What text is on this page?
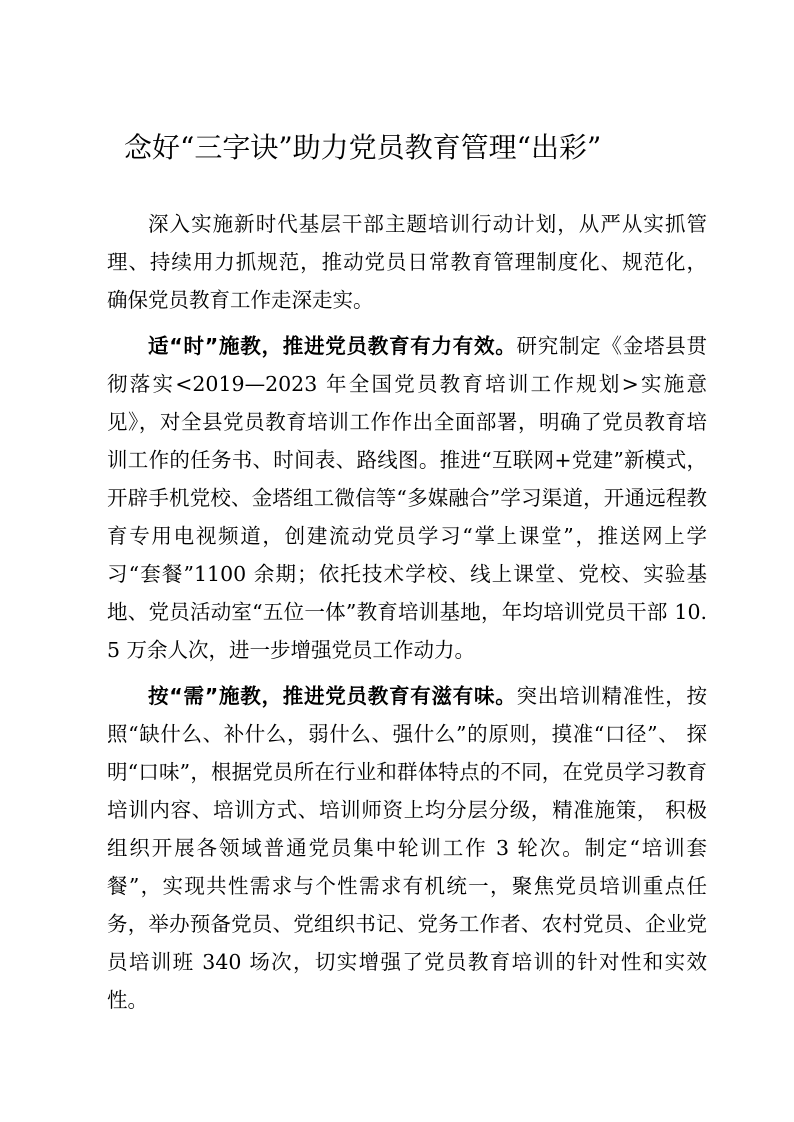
念好“三字诀”助力党员教育管理“出彩”

深入实施新时代基层干部主题培训行动计划，从严从实抓管 理、持续用力抓规范，推动党员日常教育管理制度化、规范化， 确保党员教育工作走深走实。

适“时”施教，推进党员教育有力有效。研究制定《金塔县贯彻落实<2019—2023 年全国党员教育培训工作规划>实施意见》，对全县党员教育培训工作作出全面部署，明确了党员教育培训工作的任务书、时间表、路线图。推进“互联网+党建”新模式，开辟手机党校、金塔组工微信等“多媒融合”学习渠道，开通远程教育专用电视频道，创建流动党员学习“掌上课堂”，推送网上学习“套餐”1100 余期；依托技术学校、线上课堂、党校、实验基地、党员活动室“五位一体”教育培训基地，年均培训党员干部 10.5 万余人次，进一步增强党员工作动力。

按“需”施教，推进党员教育有滋有味。突出培训精准性，按照“缺什么、补什么，弱什么、强什么”的原则，摸准“口径”、 探明“口味”，根据党员所在行业和群体特点的不同，在党员学习教育培训内容、培训方式、培训师资上均分层分级，精准施策， 积极组织开展各领域普通党员集中轮训工作 3 轮次。制定“培训套餐”，实现共性需求与个性需求有机统一，聚焦党员培训重点任务，举办预备党员、党组织书记、党务工作者、农村党员、企业党员培训班 340 场次，切实增强了党员教育培训的针对性和实效性。
